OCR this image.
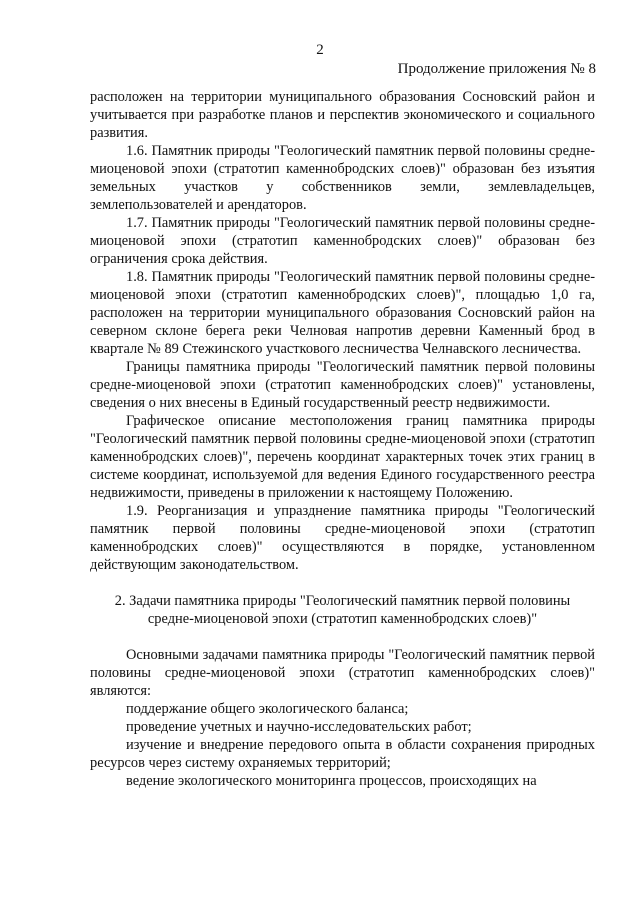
2
Продолжение приложения № 8

расположен на территории муниципального образования Сосновский район и учитывается при разработке планов и перспектив экономического и социального развития.

1.6. Памятник природы "Геологический памятник первой половины средне-миоценовой эпохи (стратотип каменнобродских слоев)" образован без изъятия земельных участков у собственников земли, землевладельцев, землепользователей и арендаторов.

1.7. Памятник природы "Геологический памятник первой половины средне-миоценовой эпохи (стратотип каменнобродских слоев)" образован без ограничения срока действия.

1.8. Памятник природы "Геологический памятник первой половины средне-миоценовой эпохи (стратотип каменнобродских слоев)", площадью 1,0 га, расположен на территории муниципального образования Сосновский район на северном склоне берега реки Челновая напротив деревни Каменный брод в квартале № 89 Стежинского участкового лесничества Челнавского лесничества.

Границы памятника природы "Геологический памятник первой половины средне-миоценовой эпохи (стратотип каменнобродских слоев)" установлены, сведения о них внесены в Единый государственный реестр недвижимости.

Графическое описание местоположения границ памятника природы "Геологический памятник первой половины средне-миоценовой эпохи (стратотип каменнобродских слоев)", перечень координат характерных точек этих границ в системе координат, используемой для ведения Единого государственного реестра недвижимости, приведены в приложении к настоящему Положению.

1.9. Реорганизация и упразднение памятника природы "Геологический памятник первой половины средне-миоценовой эпохи (стратотип каменнобродских слоев)" осуществляются в порядке, установленном действующим законодательством.

2. Задачи памятника природы "Геологический памятник первой половины

средне-миоценовой эпохи (стратотип каменнобродских слоев)"

Основными задачами памятника природы "Геологический памятник первой половины средне-миоценовой эпохи (стратотип каменнобродских слоев)" являются:

поддержание общего экологического баланса;

проведение учетных и научно-исследовательских работ;

изучение и внедрение передового опыта в области сохранения природных ресурсов через систему охраняемых территорий;

ведение экологического мониторинга процессов, происходящих на
